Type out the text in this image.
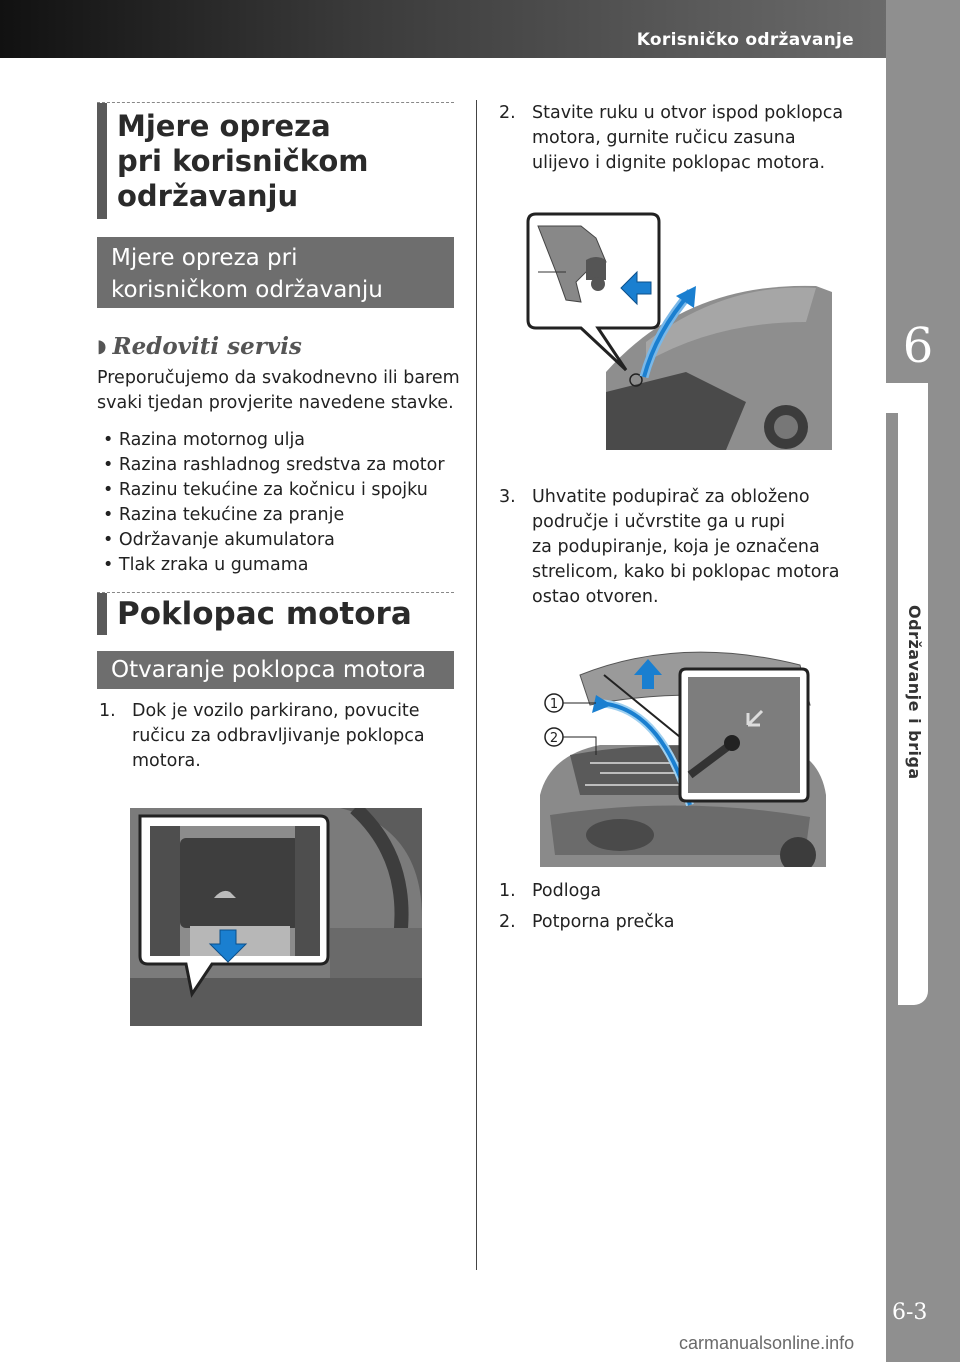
Korisničko održavanje
6
Održavanje i briga
6-3
Mjere opreza
pri korisničkom
održavanju
Mjere opreza pri
korisničkom održavanju
◗ Redoviti servis
Preporučujemo da svakodnevno ili barem
svaki tjedan provjerite navedene stavke.
• Razina motornog ulja
• Razina rashladnog sredstva za motor
• Razinu tekućine za kočnicu i spojku
• Razina tekućine za pranje
• Održavanje akumulatora
• Tlak zraka u gumama
Poklopac motora
Otvaranje poklopca motora
1. Dok je vozilo parkirano, povucite
ručicu za odbravljivanje poklopca
motora.
2. Stavite ruku u otvor ispod poklopca
motora, gurnite ručicu zasuna
ulijevo i dignite poklopac motora.
3. Uhvatite podupirač za obloženo
područje i učvrstite ga u rupi
za podupiranje, koja je označena
strelicom, kako bi poklopac motora
ostao otvoren.
1
2
1. Podloga
2. Potporna prečka
carmanualsonline.info
